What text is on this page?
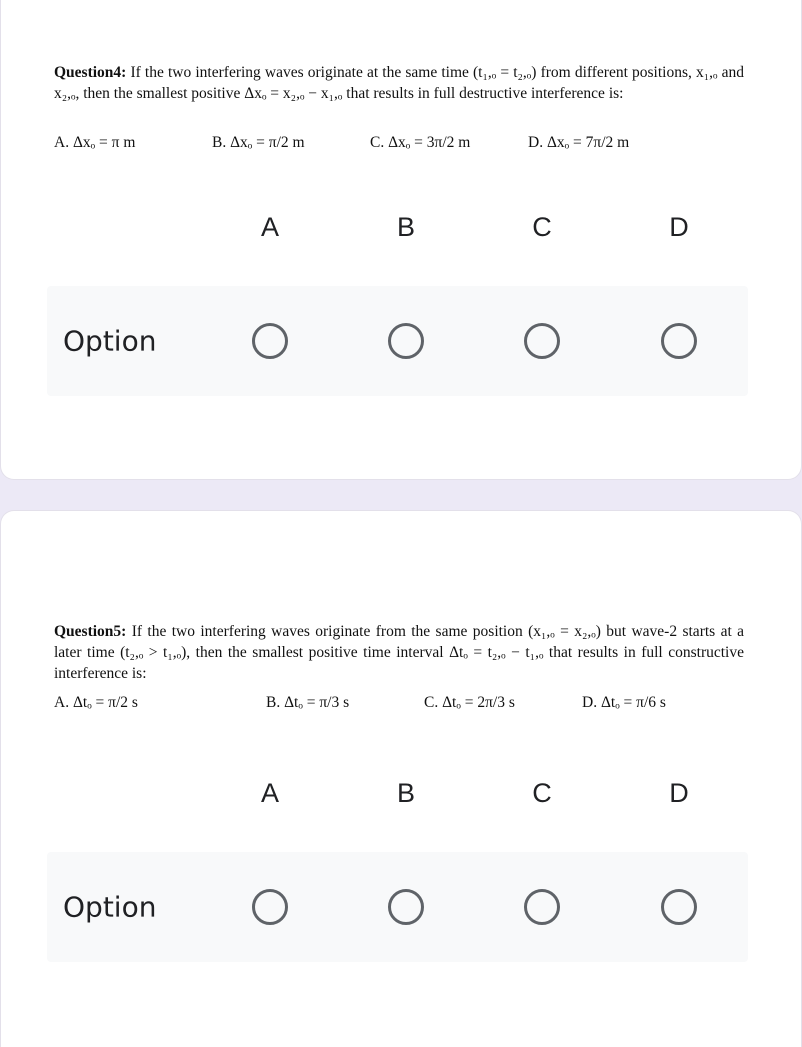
Question4: If the two interfering waves originate at the same time (t₁,ₒ = t₂,ₒ) from different positions, x₁,ₒ and x₂,ₒ, then the smallest positive Δxₒ = x₂,ₒ − x₁,ₒ that results in full destructive interference is:
A. Δxₒ = π m	B. Δxₒ = π/2 m	C. Δxₒ = 3π/2 m	D. Δxₒ = 7π/2 m
A	B	C	D
Option
Question5: If the two interfering waves originate from the same position (x₁,ₒ = x₂,ₒ) but wave-2 starts at a later time (t₂,ₒ > t₁,ₒ), then the smallest positive time interval Δtₒ = t₂,ₒ − t₁,ₒ that results in full constructive interference is:
A. Δtₒ = π/2 s	B. Δtₒ = π/3 s	C. Δtₒ = 2π/3 s	D. Δtₒ = π/6 s
A	B	C	D
Option
